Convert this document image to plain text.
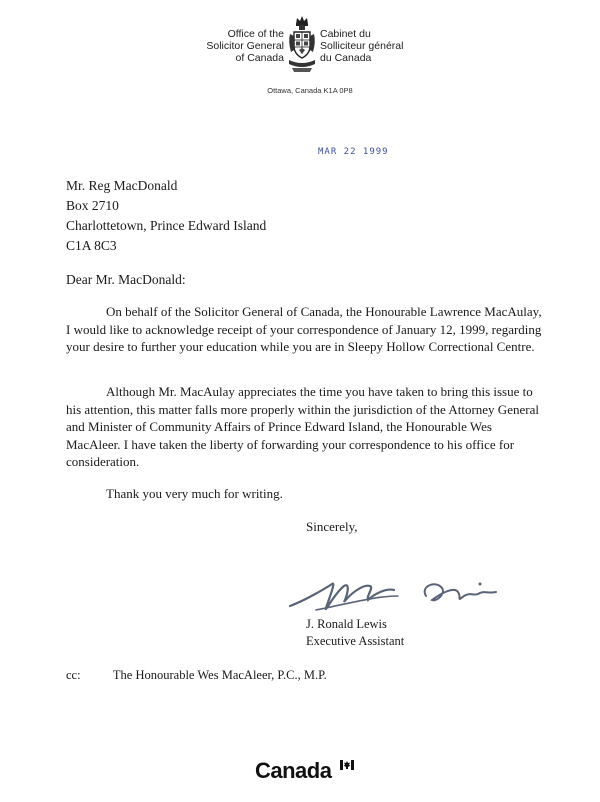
Office of the
Solicitor General
of Canada
Cabinet du
Solliciteur général
du Canada
Ottawa, Canada K1A 0P8
MAR 22 1999
Mr. Reg MacDonald
Box 2710
Charlottetown, Prince Edward Island
C1A 8C3
Dear Mr. MacDonald:
On behalf of the Solicitor General of Canada, the Honourable Lawrence MacAulay, I would like to acknowledge receipt of your correspondence of January 12, 1999, regarding your desire to further your education while you are in Sleepy Hollow Correctional Centre.
Although Mr. MacAulay appreciates the time you have taken to bring this issue to his attention, this matter falls more properly within the jurisdiction of the Attorney General and Minister of Community Affairs of Prince Edward Island, the Honourable Wes MacAleer. I have taken the liberty of forwarding your correspondence to his office for consideration.
Thank you very much for writing.
Sincerely,
J. Ronald Lewis
Executive Assistant
cc:	The Honourable Wes MacAleer, P.C., M.P.
Canada
